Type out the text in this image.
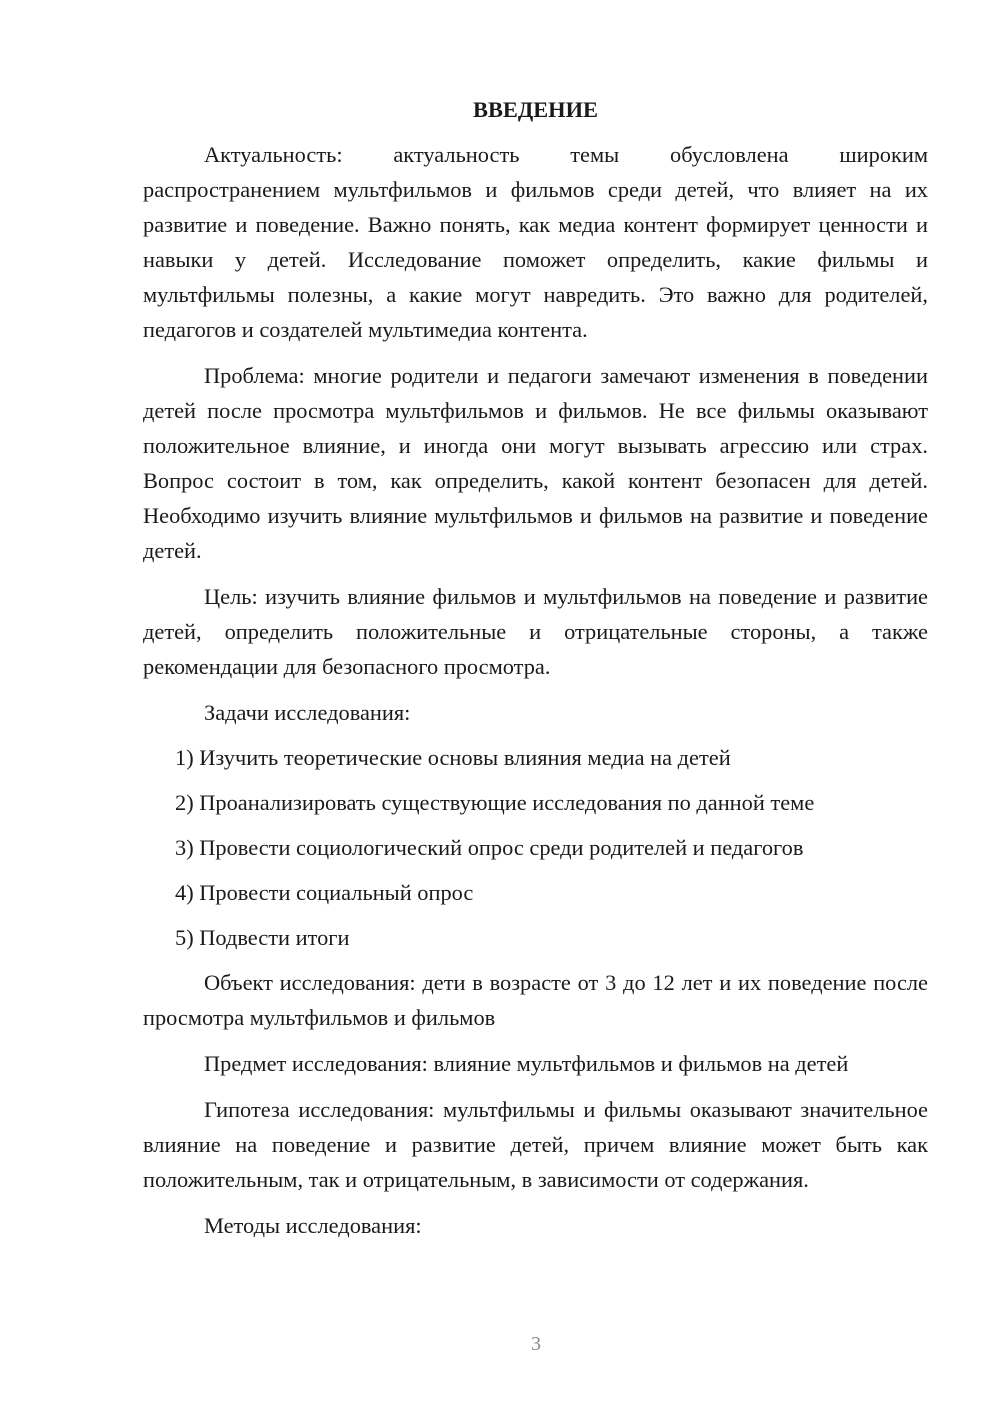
ВВЕДЕНИЕ

Актуальность: актуальность темы обусловлена широким распространением мультфильмов и фильмов среди детей, что влияет на их развитие и поведение. Важно понять, как медиа контент формирует ценности и навыки у детей. Исследование поможет определить, какие фильмы и мультфильмы полезны, а какие могут навредить. Это важно для родителей, педагогов и создателей мультимедиа контента.

Проблема: многие родители и педагоги замечают изменения в поведении детей после просмотра мультфильмов и фильмов. Не все фильмы оказывают положительное влияние, и иногда они могут вызывать агрессию или страх. Вопрос состоит в том, как определить, какой контент безопасен для детей. Необходимо изучить влияние мультфильмов и фильмов на развитие и поведение детей.

Цель: изучить влияние фильмов и мультфильмов на поведение и развитие детей, определить положительные и отрицательные стороны, а также рекомендации для безопасного просмотра.

Задачи исследования:

1) Изучить теоретические основы влияния медиа на детей
2) Проанализировать существующие исследования по данной теме
3) Провести социологический опрос среди родителей и педагогов
4) Провести социальный опрос
5) Подвести итоги

Объект исследования: дети в возрасте от 3 до 12 лет и их поведение после просмотра мультфильмов и фильмов

Предмет исследования: влияние мультфильмов и фильмов на детей

Гипотеза исследования: мультфильмы и фильмы оказывают значительное влияние на поведение и развитие детей, причем влияние может быть как положительным, так и отрицательным, в зависимости от содержания.

Методы исследования:

3
